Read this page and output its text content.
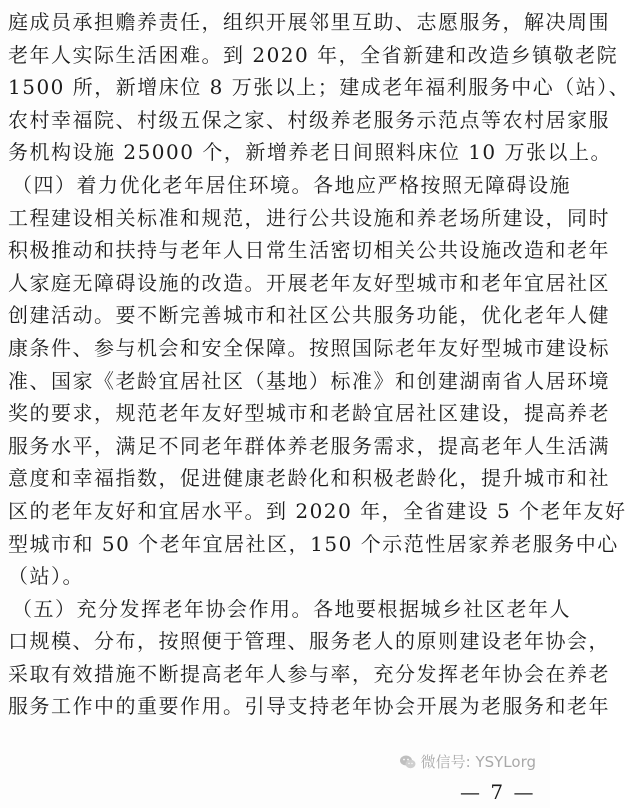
庭成员承担赡养责任，组织开展邻里互助、志愿服务，解决周围
老年人实际生活困难。到 2020 年，全省新建和改造乡镇敬老院
1500 所，新增床位 8 万张以上；建成老年福利服务中心（站）、
农村幸福院、村级五保之家、村级养老服务示范点等农村居家服
务机构设施 25000 个，新增养老日间照料床位 10 万张以上。
（四）着力优化老年居住环境。各地应严格按照无障碍设施
工程建设相关标准和规范，进行公共设施和养老场所建设，同时
积极推动和扶持与老年人日常生活密切相关公共设施改造和老年
人家庭无障碍设施的改造。开展老年友好型城市和老年宜居社区
创建活动。要不断完善城市和社区公共服务功能，优化老年人健
康条件、参与机会和安全保障。按照国际老年友好型城市建设标
准、国家《老龄宜居社区（基地）标准》和创建湖南省人居环境
奖的要求，规范老年友好型城市和老龄宜居社区建设，提高养老
服务水平，满足不同老年群体养老服务需求，提高老年人生活满
意度和幸福指数，促进健康老龄化和积极老龄化，提升城市和社
区的老年友好和宜居水平。到 2020 年，全省建设 5 个老年友好
型城市和 50 个老年宜居社区，150 个示范性居家养老服务中心
（站）。
（五）充分发挥老年协会作用。各地要根据城乡社区老年人
口规模、分布，按照便于管理、服务老人的原则建设老年协会，
采取有效措施不断提高老年人参与率，充分发挥老年协会在养老
服务工作中的重要作用。引导支持老年协会开展为老服务和老年
微信号: YSYLorg
— 7 —
